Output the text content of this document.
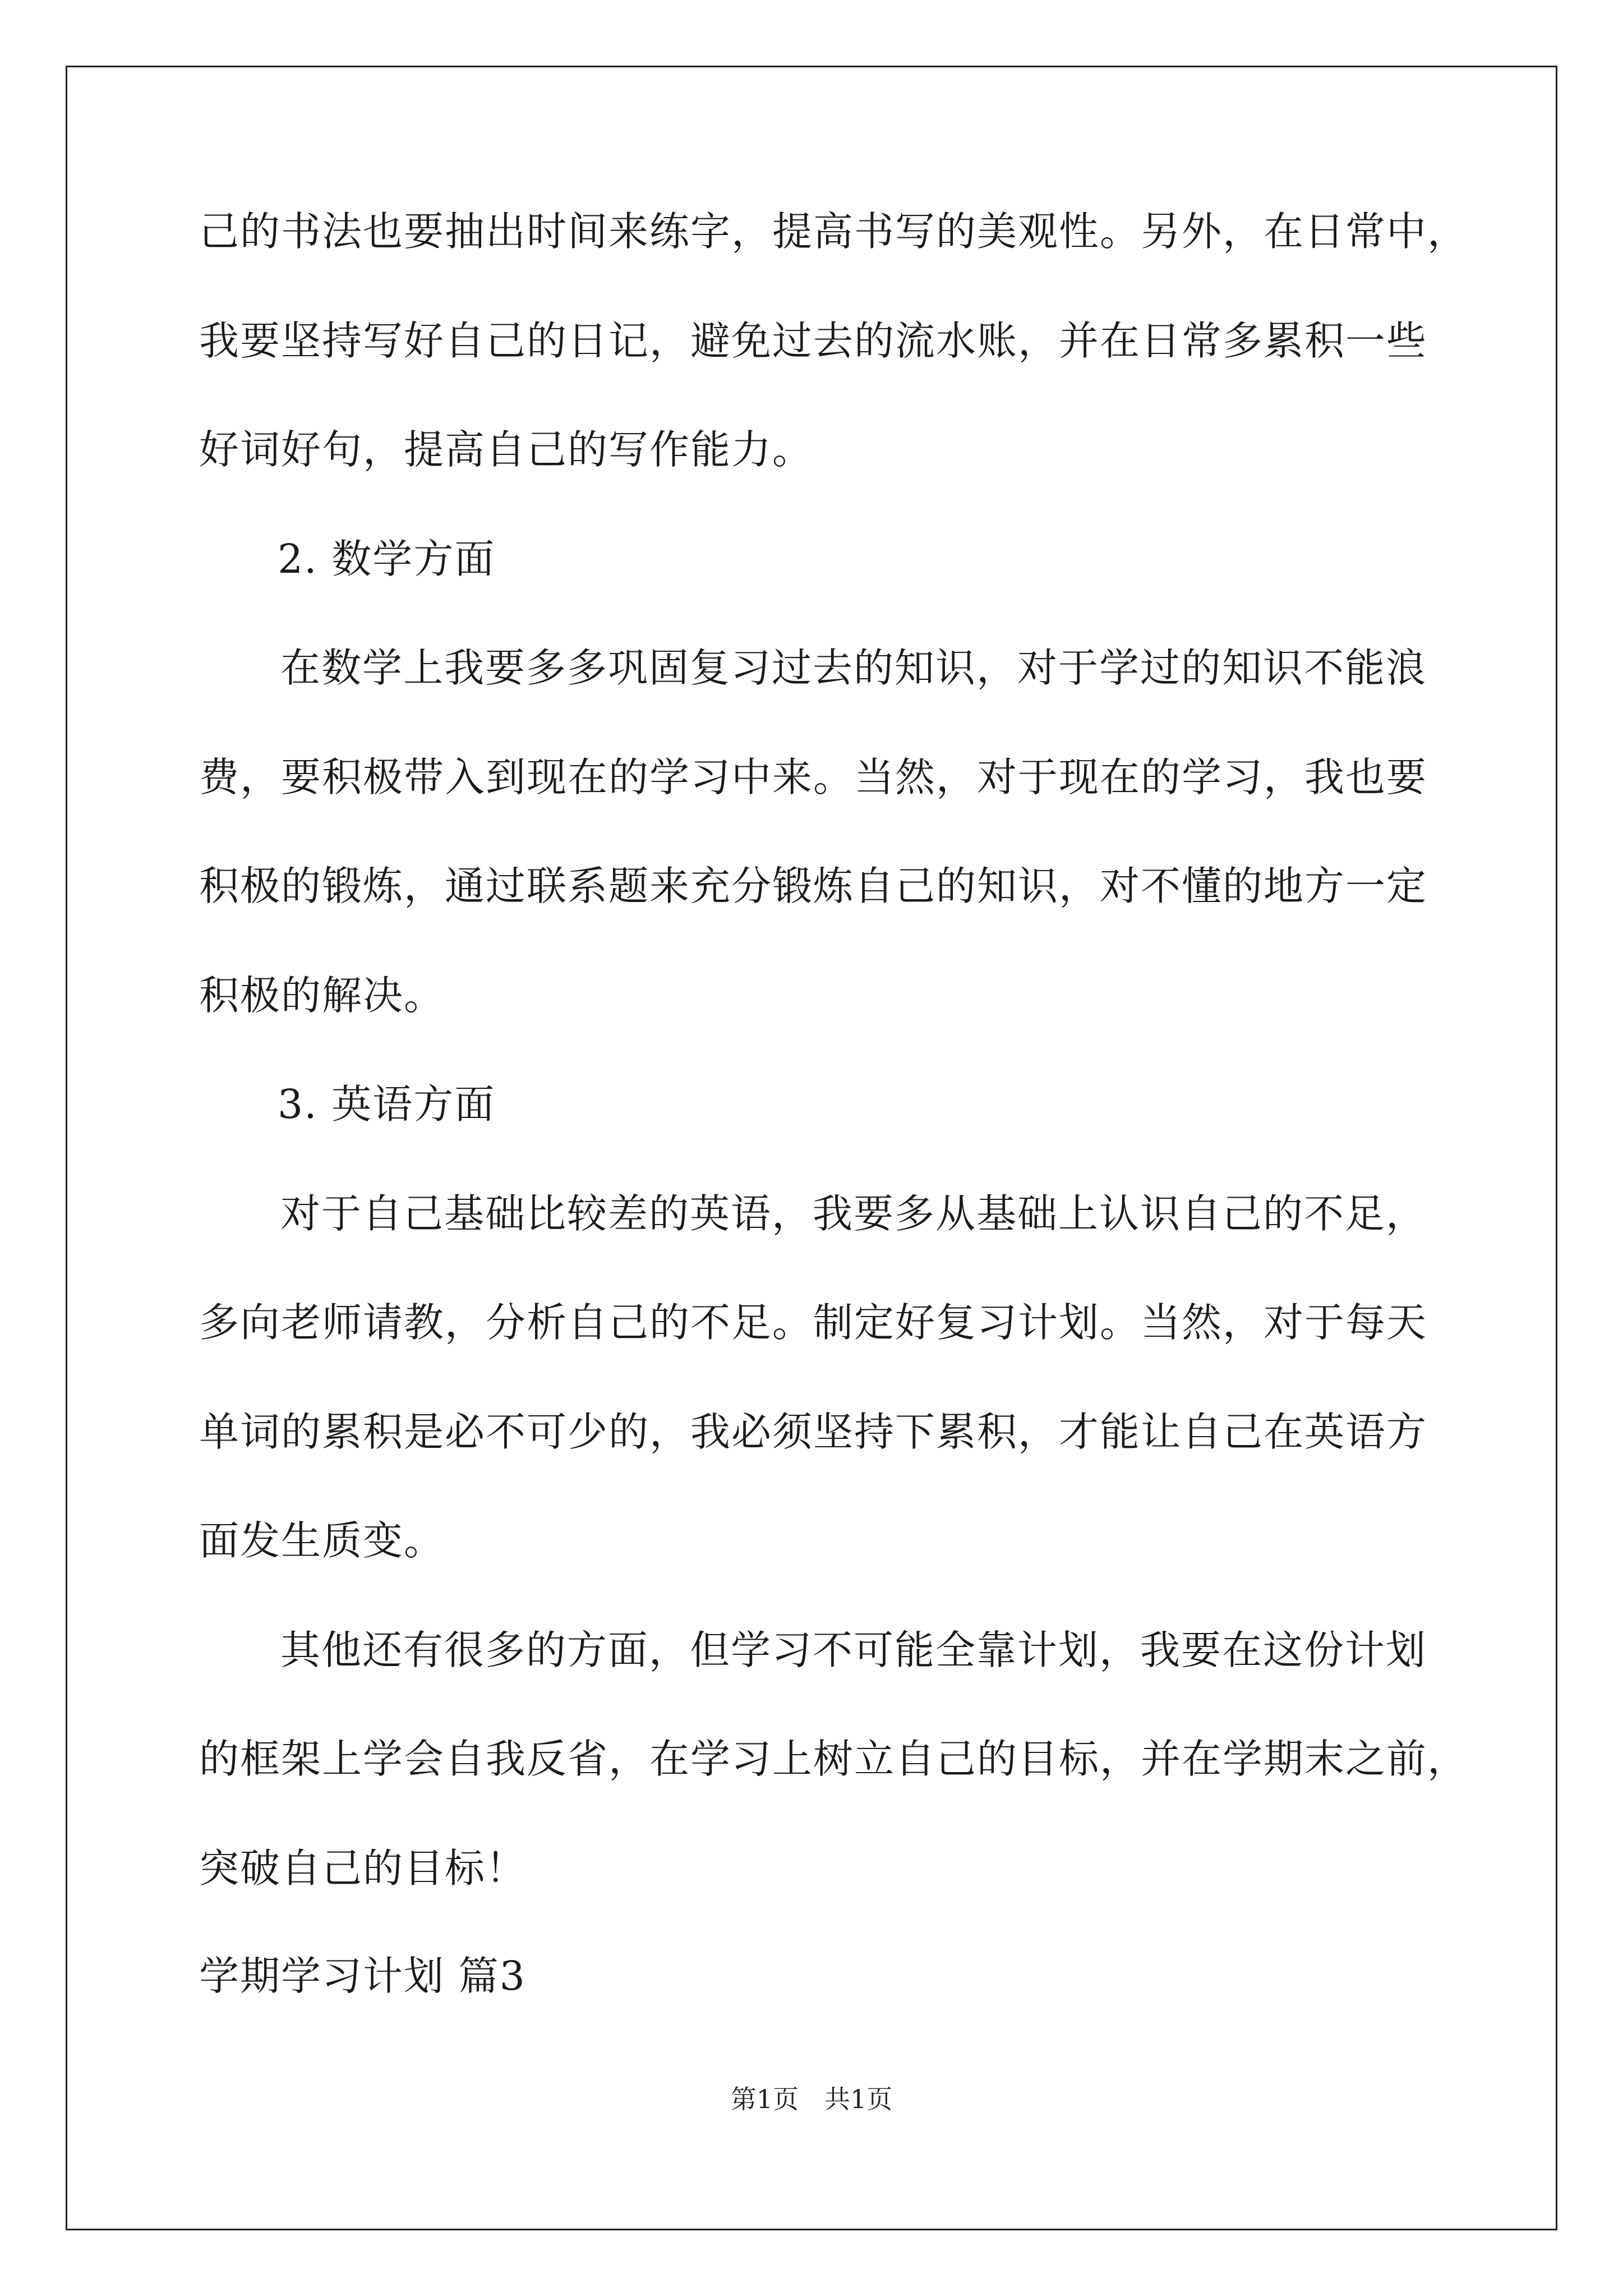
己的书法也要抽出时间来练字，提高书写的美观性。另外，在日常中，
我要坚持写好自己的日记，避免过去的流水账，并在日常多累积一些
好词好句，提高自己的写作能力。
2. 数学方面
在数学上我要多多巩固复习过去的知识，对于学过的知识不能浪
费，要积极带入到现在的学习中来。当然，对于现在的学习，我也要
积极的锻炼，通过联系题来充分锻炼自己的知识，对不懂的地方一定
积极的解决。
3. 英语方面
对于自己基础比较差的英语，我要多从基础上认识自己的不足，
多向老师请教，分析自己的不足。制定好复习计划。当然，对于每天
单词的累积是必不可少的，我必须坚持下累积，才能让自己在英语方
面发生质变。
其他还有很多的方面，但学习不可能全靠计划，我要在这份计划
的框架上学会自我反省，在学习上树立自己的目标，并在学期末之前，
突破自己的目标！
学期学习计划 篇3
第1页　共1页
